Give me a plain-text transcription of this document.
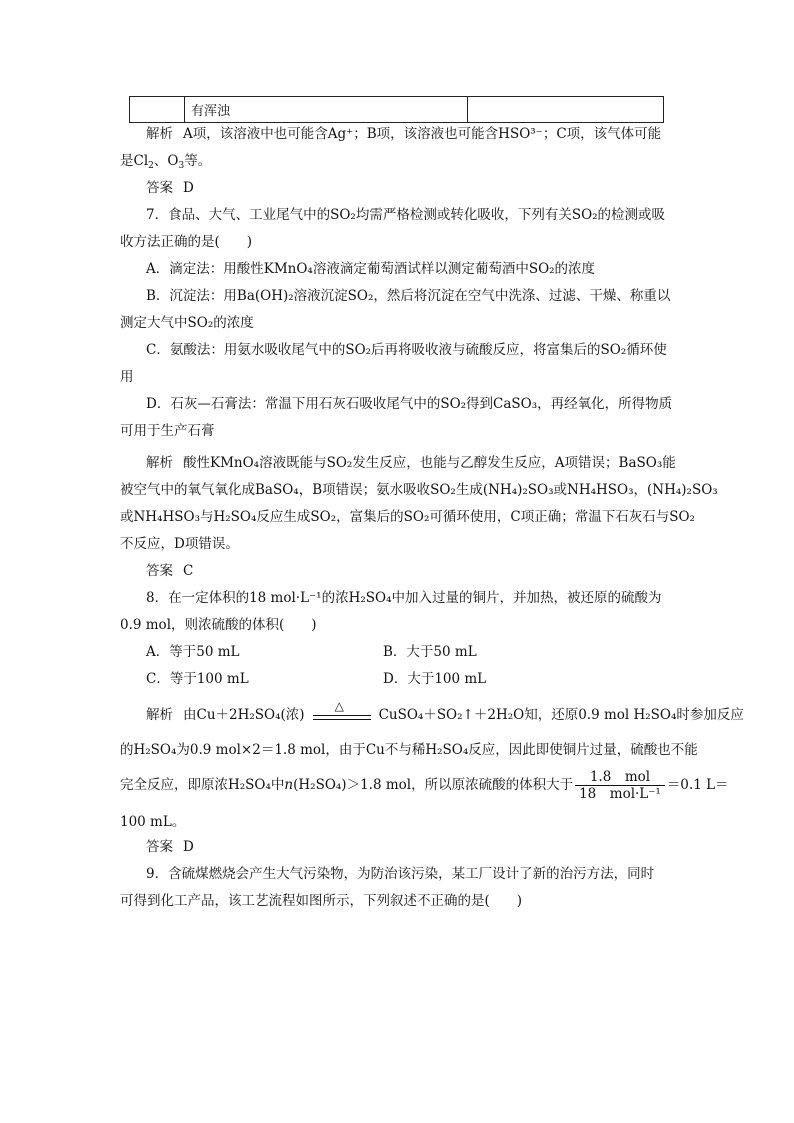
	有浑浊	
解析 A项，该溶液中也可能含Ag⁺；B项，该溶液也可能含HSO³⁻；C项，该气体可能
是$Cl_2$、$O_3$等。
答案 D
7．食品、大气、工业尾气中的SO₂均需严格检测或转化吸收，下列有关SO₂的检测或吸
收方法正确的是(　　)
A．滴定法：用酸性KMnO₄溶液滴定葡萄酒试样以测定葡萄酒中SO₂的浓度
B．沉淀法：用Ba(OH)₂溶液沉淀SO₂，然后将沉淀在空气中洗涤、过滤、干燥、称重以
测定大气中SO₂的浓度
C．氨酸法：用氨水吸收尾气中的SO₂后再将吸收液与硫酸反应，将富集后的SO₂循环使
用
D．石灰—石膏法：常温下用石灰石吸收尾气中的SO₂得到CaSO₃，再经氧化，所得物质
可用于生产石膏
解析 酸性KMnO₄溶液既能与SO₂发生反应，也能与乙醇发生反应，A项错误；BaSO₃能
被空气中的氧气氧化成BaSO₄，B项错误；氨水吸收SO₂生成(NH₄)₂SO₃或NH₄HSO₃，(NH₄)₂SO₃
或NH₄HSO₃与H₂SO₄反应生成SO₂，富集后的SO₂可循环使用，C项正确；常温下石灰石与SO₂
不反应，D项错误。
答案 C
8．在一定体积的18 mol·L⁻¹的浓H₂SO₄中加入过量的铜片，并加热，被还原的硫酸为
0.9 mol，则浓硫酸的体积(　　)
A．等于50 mL	B．大于50 mL
C．等于100 mL	D．大于100 mL
解析 由Cu＋2H₂SO₄(浓)
△
CuSO₄＋SO₂↑＋2H₂O知，还原0.9 mol H₂SO₄时参加反应
的H₂SO₄为0.9 mol×2＝1.8 mol，由于Cu不与稀H₂SO₄反应，因此即使铜片过量，硫酸也不能
完全反应，即原浓H₂SO₄中n(H₂SO₄)＞1.8 mol，所以原浓硫酸的体积大于 $\frac{\text{1.8　mol}}{\text{18　mol·L⁻¹}} =0.1$ L＝
100 mL。
答案 D
9．含硫煤燃烧会产生大气污染物，为防治该污染，某工厂设计了新的治污方法，同时
可得到化工产品，该工艺流程如图所示，下列叙述不正确的是(　　)
